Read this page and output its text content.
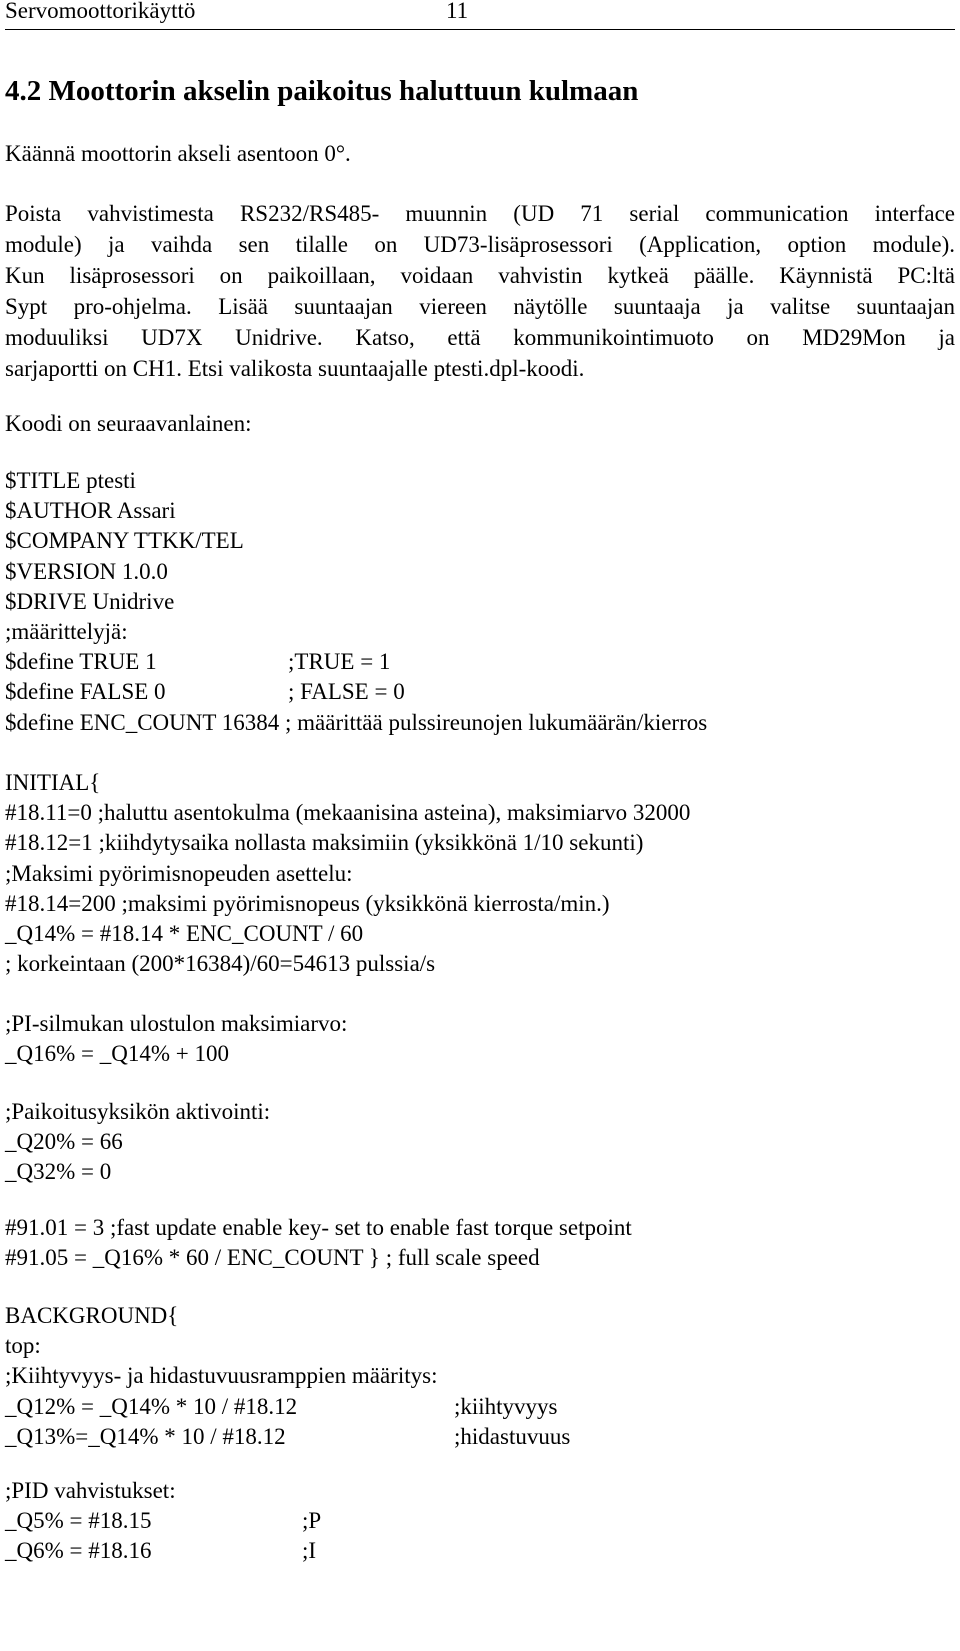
Servomoottorikäyttö	11
4.2 Moottorin akselin paikoitus haluttuun kulmaan
Käännä moottorin akseli asentoon 0°.
Poista vahvistimesta RS232/RS485- muunnin (UD 71 serial communication interface
module) ja vaihda sen tilalle on UD73-lisäprosessori (Application, option module).
Kun lisäprosessori on paikoillaan, voidaan vahvistin kytkeä päälle. Käynnistä PC:ltä
Sypt pro-ohjelma. Lisää suuntaajan viereen näytölle suuntaaja ja valitse suuntaajan
moduuliksi UD7X Unidrive. Katso, että kommunikointimuoto on MD29Mon ja
sarjaportti on CH1. Etsi valikosta suuntaajalle ptesti.dpl-koodi.
Koodi on seuraavanlainen:
$TITLE ptesti
$AUTHOR Assari
$COMPANY TTKK/TEL
$VERSION 1.0.0
$DRIVE Unidrive
;määrittelyjä:
$define TRUE 1	;TRUE = 1
$define FALSE 0	; FALSE = 0
$define ENC_COUNT 16384 ; määrittää pulssireunojen lukumäärän/kierros
INITIAL{
#18.11=0 ;haluttu asentokulma (mekaanisina asteina), maksimiarvo 32000
#18.12=1 ;kiihdytysaika nollasta maksimiin (yksikkönä 1/10 sekunti)
;Maksimi pyörimisnopeuden asettelu:
#18.14=200 ;maksimi pyörimisnopeus (yksikkönä kierrosta/min.)
_Q14% = #18.14 * ENC_COUNT / 60
; korkeintaan (200*16384)/60=54613 pulssia/s
;PI-silmukan ulostulon maksimiarvo:
_Q16% = _Q14% + 100
;Paikoitusyksikön aktivointi:
_Q20% = 66
_Q32% = 0
#91.01 = 3 ;fast update enable key- set to enable fast torque setpoint
#91.05 = _Q16% * 60 / ENC_COUNT } ; full scale speed
BACKGROUND{
top:
;Kiihtyvyys- ja hidastuvuusramppien määritys:
_Q12% = _Q14% * 10 / #18.12	;kiihtyvyys
_Q13%=_Q14% * 10 / #18.12	;hidastuvuus
;PID vahvistukset:
_Q5% = #18.15	;P
_Q6% = #18.16	;I
